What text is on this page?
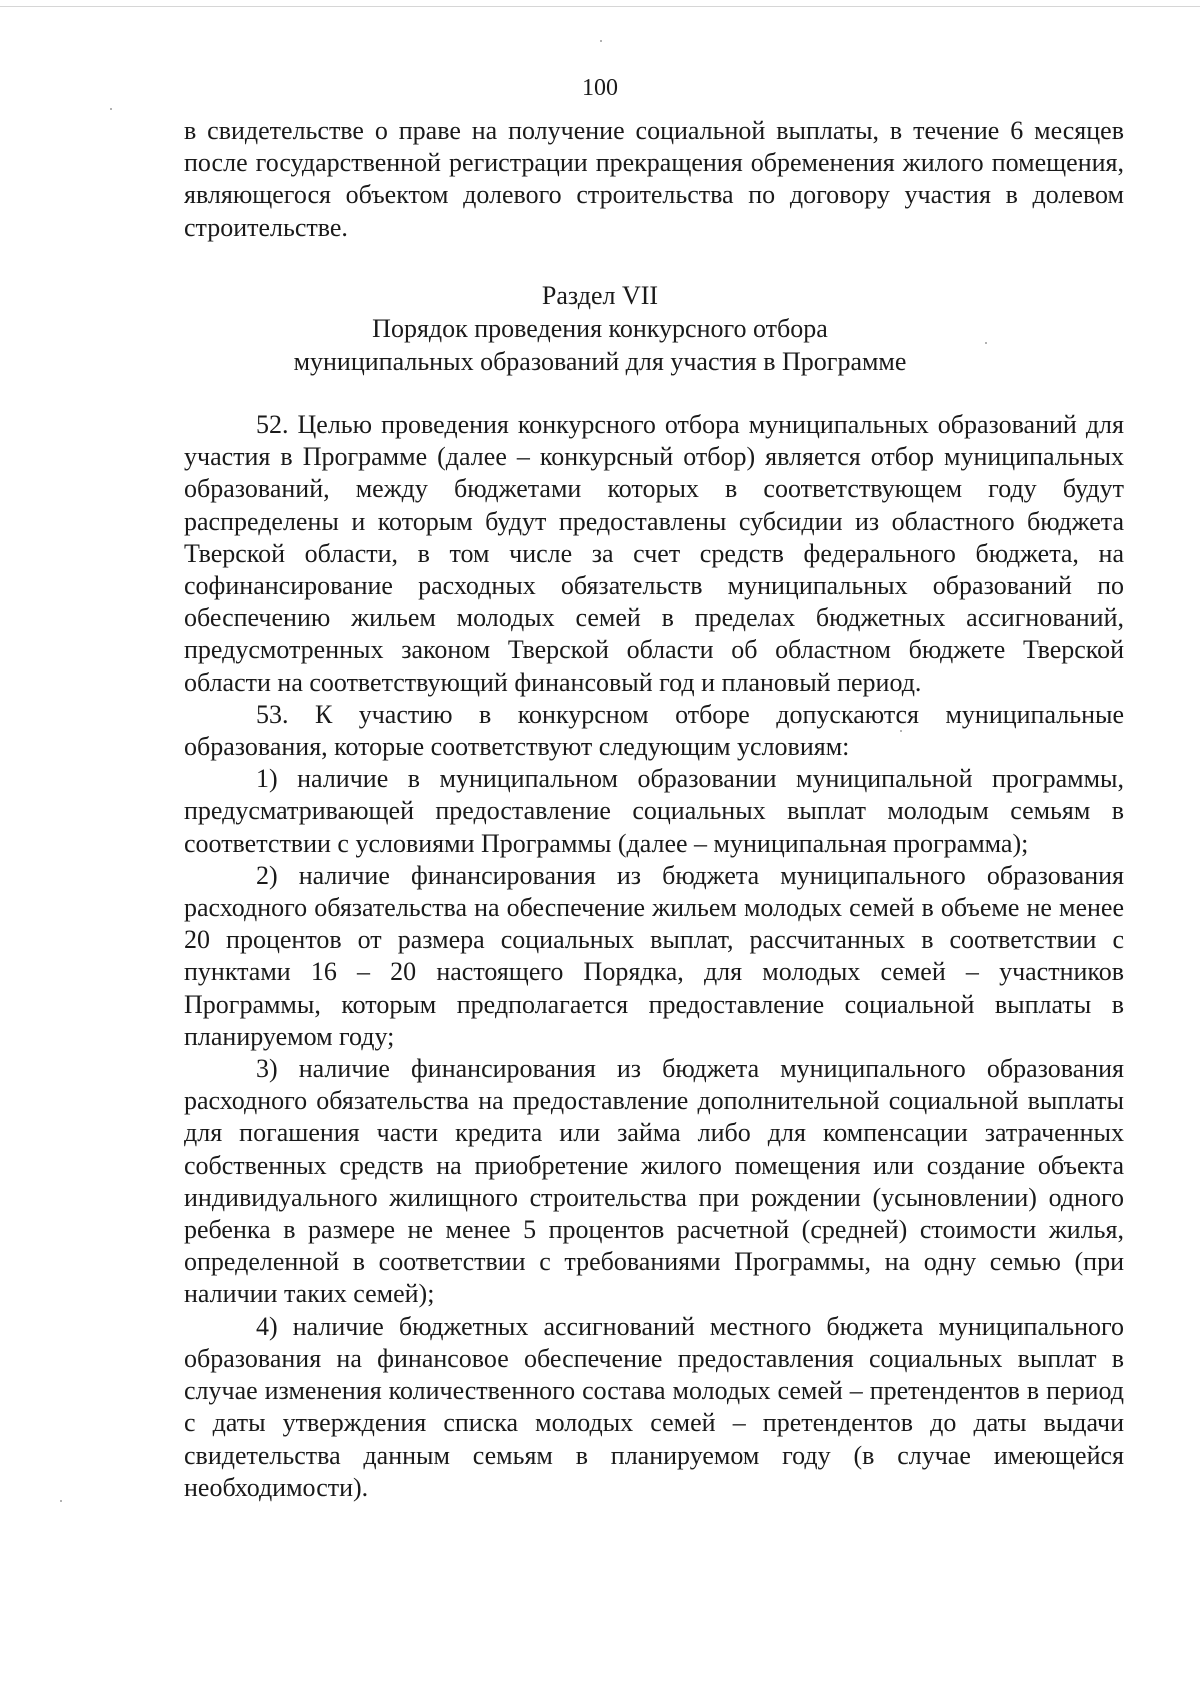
100

в свидетельстве о праве на получение социальной выплаты, в течение 6 месяцев после государственной регистрации прекращения обременения жилого помещения, являющегося объектом долевого строительства по договору участия в долевом строительстве.

Раздел VII
Порядок проведения конкурсного отбора
муниципальных образований для участия в Программе

52. Целью проведения конкурсного отбора муниципальных образований для участия в Программе (далее – конкурсный отбор) является отбор муниципальных образований, между бюджетами которых в соответствующем году будут распределены и которым будут предоставлены субсидии из областного бюджета Тверской области, в том числе за счет средств федерального бюджета, на софинансирование расходных обязательств муниципальных образований по обеспечению жильем молодых семей в пределах бюджетных ассигнований, предусмотренных законом Тверской области об областном бюджете Тверской области на соответствующий финансовый год и плановый период.

53. К участию в конкурсном отборе допускаются муниципальные образования, которые соответствуют следующим условиям:

1) наличие в муниципальном образовании муниципальной программы, предусматривающей предоставление социальных выплат молодым семьям в соответствии с условиями Программы (далее – муниципальная программа);

2) наличие финансирования из бюджета муниципального образования расходного обязательства на обеспечение жильем молодых семей в объеме не менее 20 процентов от размера социальных выплат, рассчитанных в соответствии с пунктами 16 – 20 настоящего Порядка, для молодых семей – участников Программы, которым предполагается предоставление социальной выплаты в планируемом году;

3) наличие финансирования из бюджета муниципального образования расходного обязательства на предоставление дополнительной социальной выплаты для погашения части кредита или займа либо для компенсации затраченных собственных средств на приобретение жилого помещения или создание объекта индивидуального жилищного строительства при рождении (усыновлении) одного ребенка в размере не менее 5 процентов расчетной (средней) стоимости жилья, определенной в соответствии с требованиями Программы, на одну семью (при наличии таких семей);

4) наличие бюджетных ассигнований местного бюджета муниципального образования на финансовое обеспечение предоставления социальных выплат в случае изменения количественного состава молодых семей – претендентов в период с даты утверждения списка молодых семей – претендентов до даты выдачи свидетельства данным семьям в планируемом году (в случае имеющейся необходимости).
